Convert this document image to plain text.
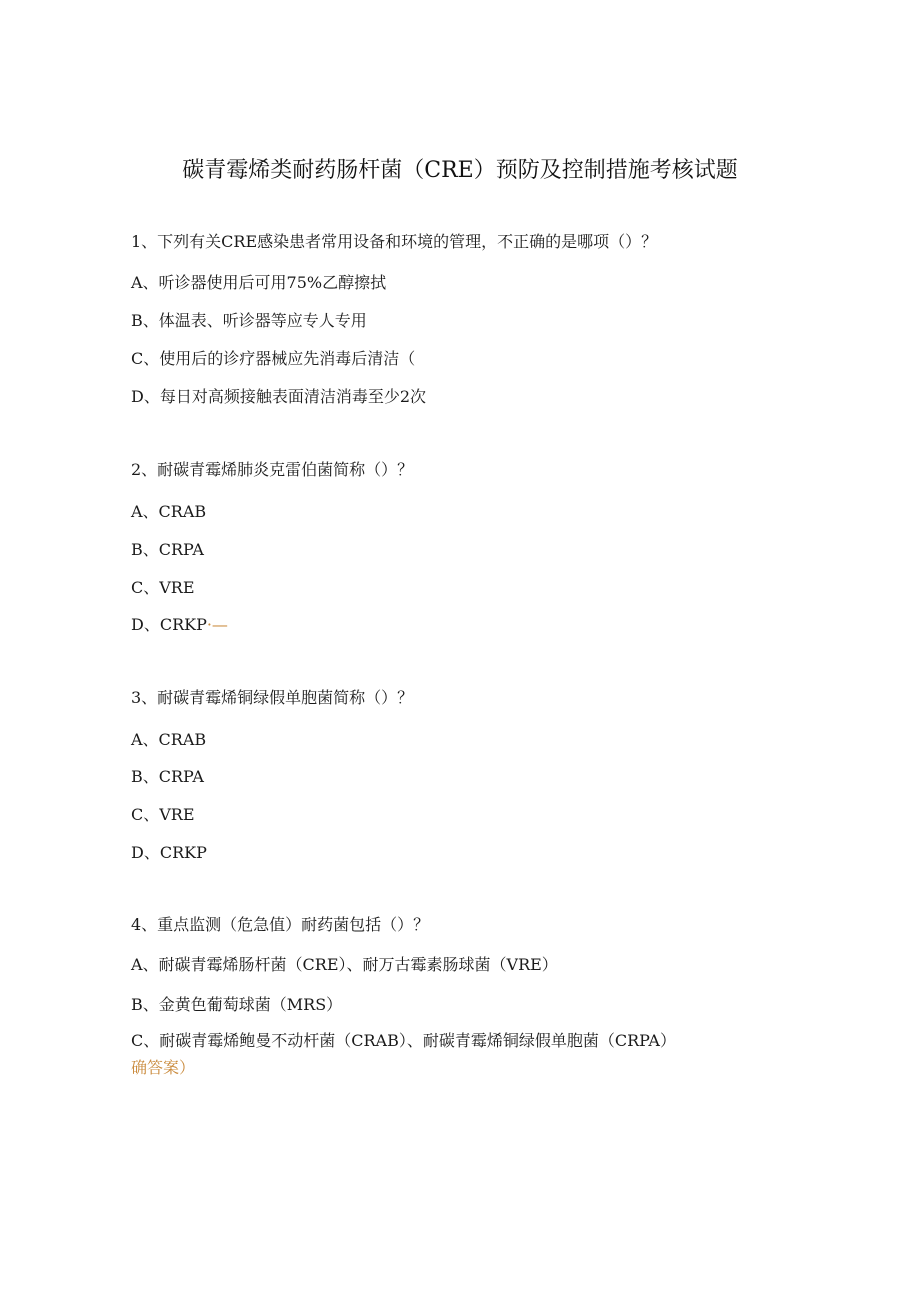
碳青霉烯类耐药肠杆菌（CRE）预防及控制措施考核试题
1、下列有关CRE感染患者常用设备和环境的管理，不正确的是哪项（）？
A、听诊器使用后可用75%乙醇擦拭
B、体温表、听诊器等应专人专用
C、使用后的诊疗器械应先消毒后清洁（
D、每日对高频接触表面清洁消毒至少2次
2、耐碳青霉烯肺炎克雷伯菌简称（）？
A、CRAB
B、CRPA
C、VRE
D、CRKP·—
3、耐碳青霉烯铜绿假单胞菌简称（）？
A、CRAB
B、CRPA
C、VRE
D、CRKP
4、重点监测（危急值）耐药菌包括（）？
A、耐碳青霉烯肠杆菌（CRE）、耐万古霉素肠球菌（VRE）
B、金黄色葡萄球菌（MRS）
C、耐碳青霉烯鲍曼不动杆菌（CRAB）、耐碳青霉烯铜绿假单胞菌（CRPA）
确答案）
